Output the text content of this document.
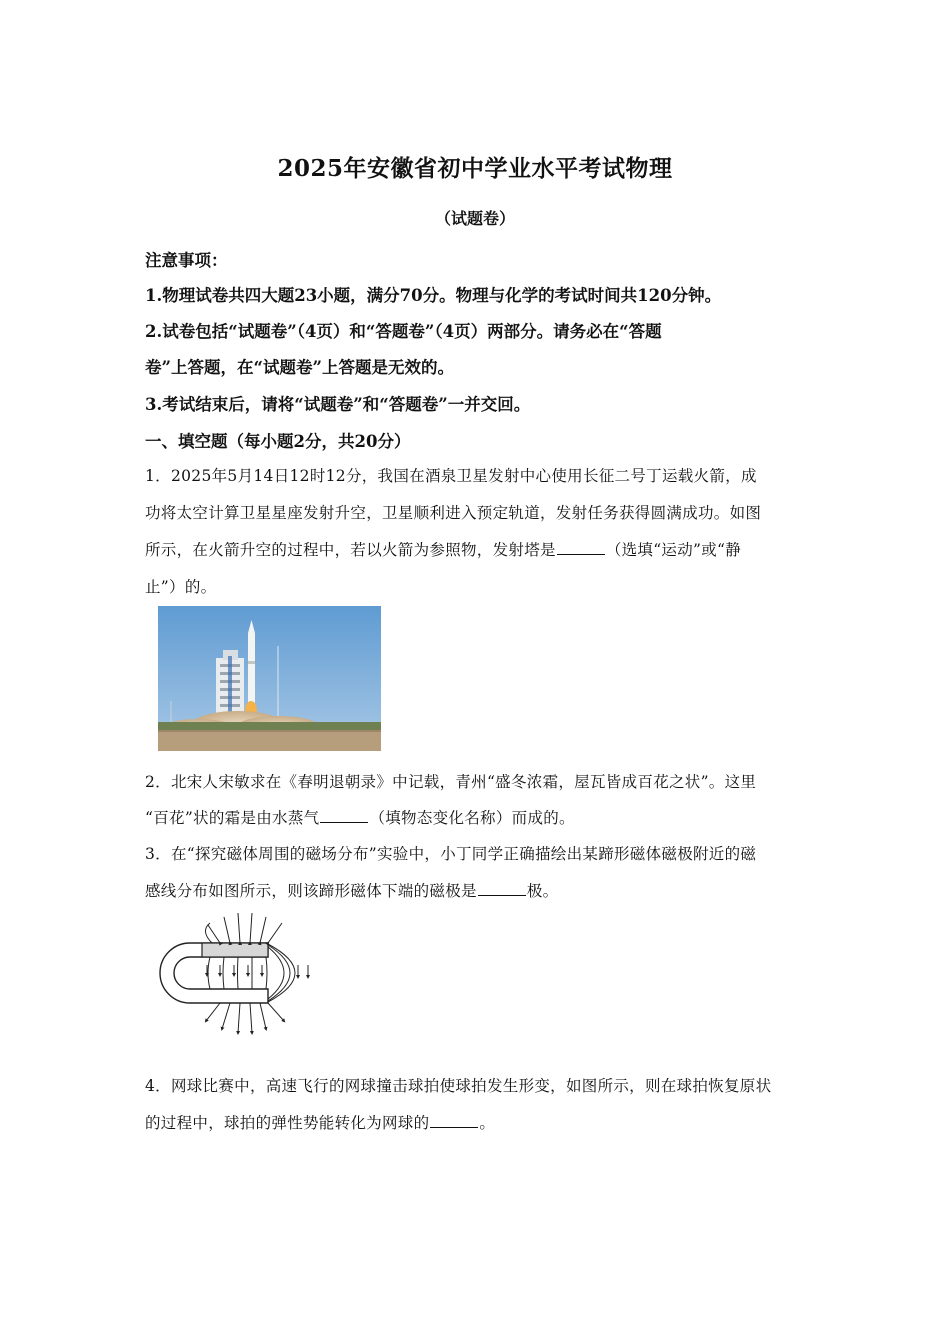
2025年安徽省初中学业水平考试物理
（试题卷）
注意事项：
1.物理试卷共四大题23小题，满分70分。物理与化学的考试时间共120分钟。
2.试卷包括“试题卷”（4页）和“答题卷”（4页）两部分。请务必在“答题
卷”上答题，在“试题卷”上答题是无效的。
3.考试结束后，请将“试题卷”和“答题卷”一并交回。
一、填空题（每小题2分，共20分）
1．2025年5月14日12时12分，我国在酒泉卫星发射中心使用长征二号丁运载火箭，成
功将太空计算卫星星座发射升空，卫星顺利进入预定轨道，发射任务获得圆满成功。如图
所示，在火箭升空的过程中，若以火箭为参照物，发射塔是	（选填“运动”或“静
止”）的。
2．北宋人宋敏求在《春明退朝录》中记载，青州“盛冬浓霜，屋瓦皆成百花之状”。这里
“百花”状的霜是由水蒸气	（填物态变化名称）而成的。
3．在“探究磁体周围的磁场分布”实验中，小丁同学正确描绘出某蹄形磁体磁极附近的磁
感线分布如图所示，则该蹄形磁体下端的磁极是	极。
4．网球比赛中，高速飞行的网球撞击球拍使球拍发生形变，如图所示，则在球拍恢复原状
的过程中，球拍的弹性势能转化为网球的	。
